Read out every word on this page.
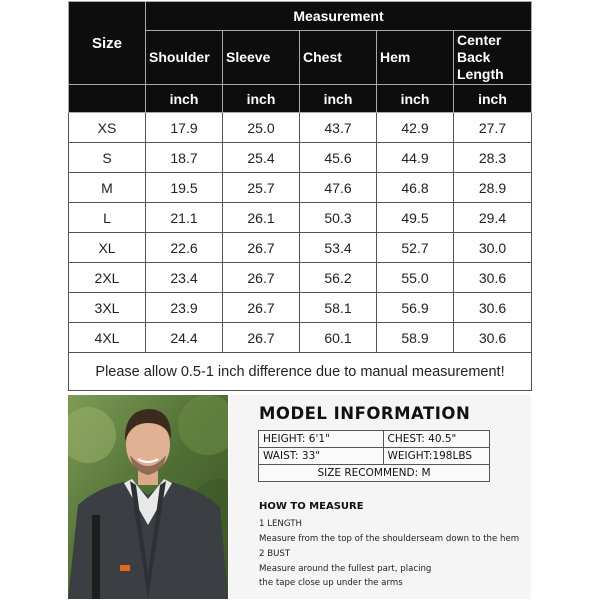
Size	Measurement				
	Shoulder	Sleeve	Chest	Hem	Center Back Length
	inch	inch	inch	inch	inch
XS	17.9	25.0	43.7	42.9	27.7
S	18.7	25.4	45.6	44.9	28.3
M	19.5	25.7	47.6	46.8	28.9
L	21.1	26.1	50.3	49.5	29.4
XL	22.6	26.7	53.4	52.7	30.0
2XL	23.4	26.7	56.2	55.0	30.6
3XL	23.9	26.7	58.1	56.9	30.6
4XL	24.4	26.7	60.1	58.9	30.6
Please allow 0.5-1 inch difference due to manual measurement!					
MODEL INFORMATION
HEIGHT: 6'1"	CHEST: 40.5"
WAIST: 33"	WEIGHT:198LBS
SIZE RECOMMEND: M	
HOW TO MEASURE
1 LENGTH
Measure from the top of the shoulderseam down to the hem
2 BUST
Measure around the fullest part, placing
the tape close up under the arms
